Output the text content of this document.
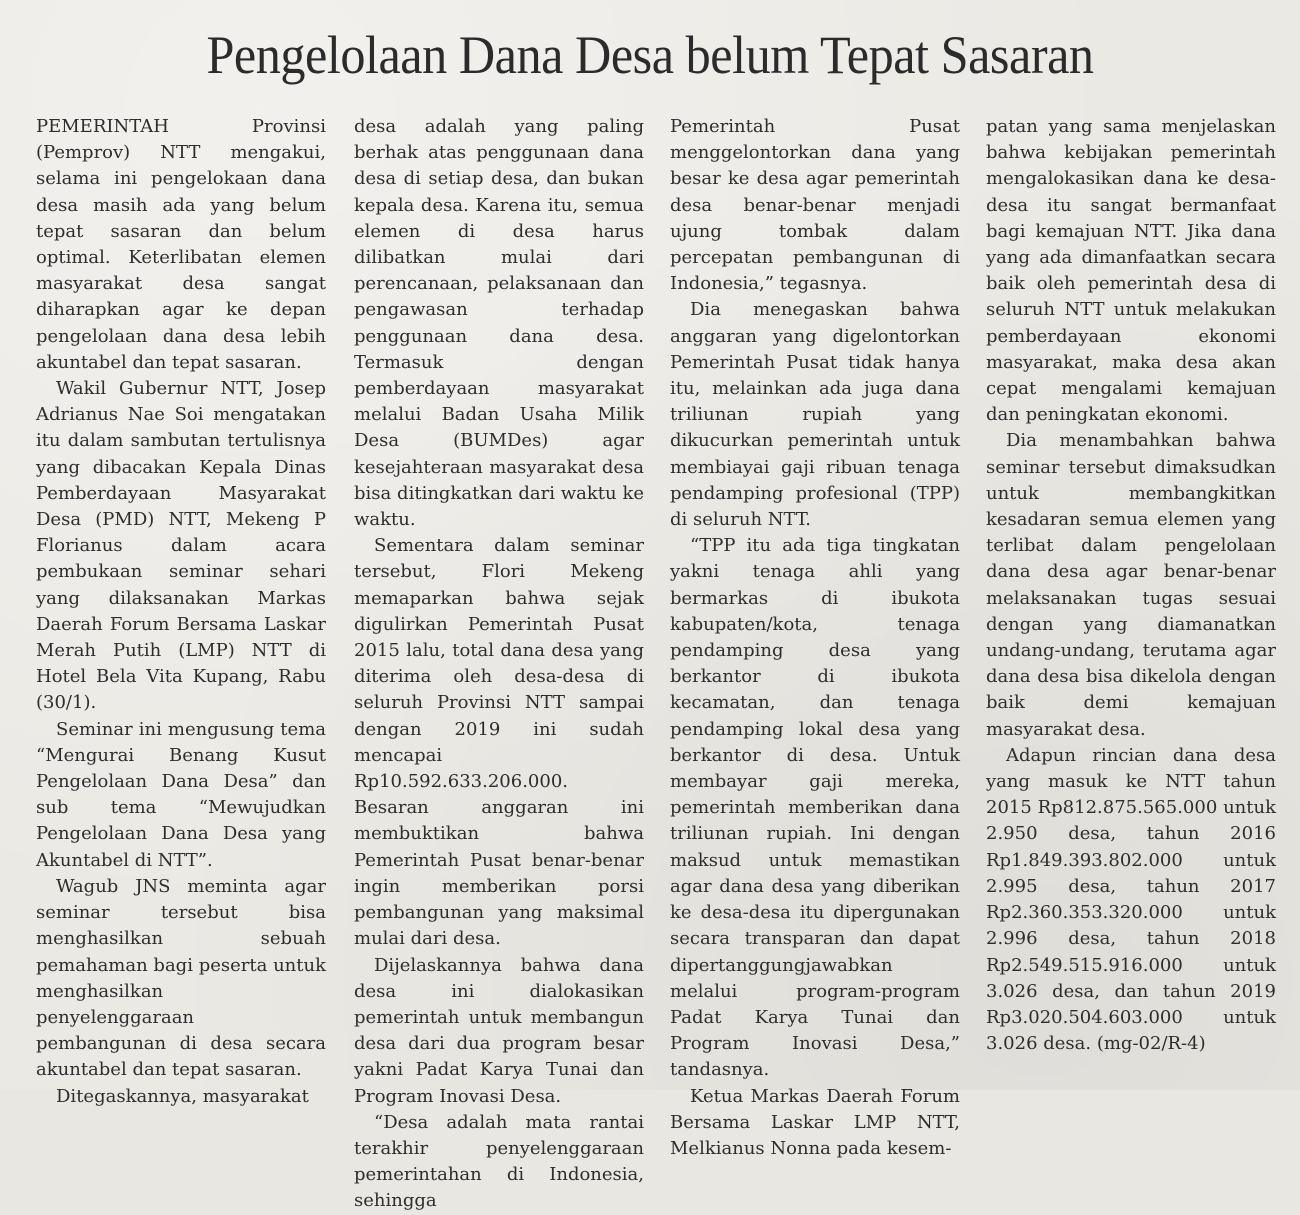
Pengelolaan Dana Desa belum Tepat Sasaran

PEMERINTAH Provinsi (Pemprov) NTT mengakui, selama ini pengelokaan dana desa masih ada yang belum tepat sasaran dan belum optimal. Keterlibatan elemen masyarakat desa sangat diharapkan agar ke depan pengelolaan dana desa lebih akuntabel dan tepat sasaran.

Wakil Gubernur NTT, Josep Adrianus Nae Soi mengatakan itu dalam sambutan tertulisnya yang dibacakan Kepala Dinas Pemberdayaan Masyarakat Desa (PMD) NTT, Mekeng P Florianus dalam acara pembukaan seminar sehari yang dilaksanakan Markas Daerah Forum Bersama Laskar Merah Putih (LMP) NTT di Hotel Bela Vita Kupang, Rabu (30/1).

Seminar ini mengusung tema “Mengurai Benang Kusut Pengelolaan Dana Desa” dan sub tema “Mewujudkan Pengelolaan Dana Desa yang Akuntabel di NTT”.

Wagub JNS meminta agar seminar tersebut bisa menghasilkan sebuah pemahaman bagi peserta untuk menghasilkan penyelenggaraan pembangunan di desa secara akuntabel dan tepat sasaran.

Ditegaskannya, masyarakat

desa adalah yang paling berhak atas penggunaan dana desa di setiap desa, dan bukan kepala desa. Karena itu, semua elemen di desa harus dilibatkan mulai dari perencanaan, pelaksanaan dan pengawasan terhadap penggunaan dana desa. Termasuk dengan pemberdayaan masyarakat melalui Badan Usaha Milik Desa (BUMDes) agar kesejahteraan masyarakat desa bisa ditingkatkan dari waktu ke waktu.

Sementara dalam seminar tersebut, Flori Mekeng memaparkan bahwa sejak digulirkan Pemerintah Pusat 2015 lalu, total dana desa yang diterima oleh desa-desa di seluruh Provinsi NTT sampai dengan 2019 ini sudah mencapai Rp10.592.633.206.000. Besaran anggaran ini membuktikan bahwa Pemerintah Pusat benar-benar ingin memberikan porsi pembangunan yang maksimal mulai dari desa.

Dijelaskannya bahwa dana desa ini dialokasikan pemerintah untuk membangun desa dari dua program besar yakni Padat Karya Tunai dan Program Inovasi Desa.

“Desa adalah mata rantai terakhir penyelenggaraan pemerintahan di Indonesia, sehingga

Pemerintah Pusat menggelontorkan dana yang besar ke desa agar pemerintah desa benar-benar menjadi ujung tombak dalam percepatan pembangunan di Indonesia,” tegasnya.

Dia menegaskan bahwa anggaran yang digelontorkan Pemerintah Pusat tidak hanya itu, melainkan ada juga dana triliunan rupiah yang dikucurkan pemerintah untuk membiayai gaji ribuan tenaga pendamping profesional (TPP) di seluruh NTT.

“TPP itu ada tiga tingkatan yakni tenaga ahli yang bermarkas di ibukota kabupaten/kota, tenaga pendamping desa yang berkantor di ibukota kecamatan, dan tenaga pendamping lokal desa yang berkantor di desa. Untuk membayar gaji mereka, pemerintah memberikan dana triliunan rupiah. Ini dengan maksud untuk memastikan agar dana desa yang diberikan ke desa-desa itu dipergunakan secara transparan dan dapat dipertanggungjawabkan melalui program-program Padat Karya Tunai dan Program Inovasi Desa,” tandasnya.

Ketua Markas Daerah Forum Bersama Laskar LMP NTT, Melkianus Nonna pada kesem-

patan yang sama menjelaskan bahwa kebijakan pemerintah mengalokasikan dana ke desa-desa itu sangat bermanfaat bagi kemajuan NTT. Jika dana yang ada dimanfaatkan secara baik oleh pemerintah desa di seluruh NTT untuk melakukan pemberdayaan ekonomi masyarakat, maka desa akan cepat mengalami kemajuan dan peningkatan ekonomi.

Dia menambahkan bahwa seminar tersebut dimaksudkan untuk membangkitkan kesadaran semua elemen yang terlibat dalam pengelolaan dana desa agar benar-benar melaksanakan tugas sesuai dengan yang diamanatkan undang-undang, terutama agar dana desa bisa dikelola dengan baik demi kemajuan masyarakat desa.

Adapun rincian dana desa yang masuk ke NTT tahun 2015 Rp812.875.565.000 untuk 2.950 desa, tahun 2016 Rp1.849.393.802.000 untuk 2.995 desa, tahun 2017 Rp2.360.353.320.000 untuk 2.996 desa, tahun 2018 Rp2.549.515.916.000 untuk 3.026 desa, dan tahun 2019 Rp3.020.504.603.000 untuk 3.026 desa. (mg-02/R-4)
